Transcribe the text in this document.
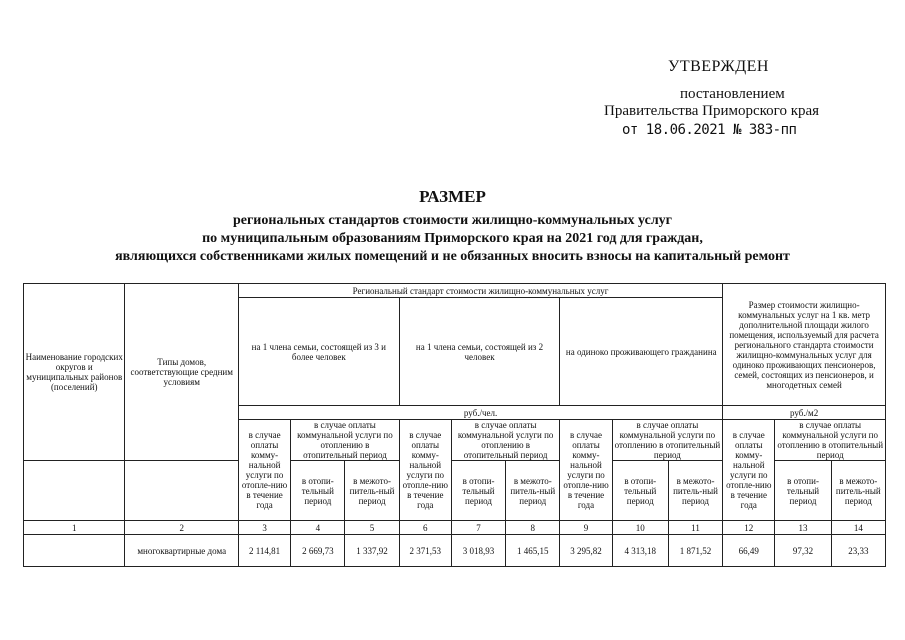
УТВЕРЖДЕН
постановлением
Правительства Приморского края
от 18.06.2021 № 383-пп
РАЗМЕР
региональных стандартов стоимости жилищно-коммунальных услуг
по муниципальным образованиям Приморского края на 2021 год для граждан,
являющихся собственниками жилых помещений и не обязанных вносить взносы на капитальный ремонт
Наименование городских округов и муниципальных районов (поселений)	Типы домов, соответствующие средним условиям	Региональный стандарт стоимости жилищно-коммунальных услуг									Размер стоимости жилищно-коммунальных услуг на 1 кв. метр дополнительной площади жилого помещения, используемый для расчета регионального стандарта стоимости жилищно-коммунальных услуг для одиноко проживающих пенсионеров, семей, состоящих из пенсионеров, и многодетных семей		
		на 1 члена семьи, состоящей из 3 и более человек			на 1 члена семьи, состоящей из 2 человек			на одиноко проживающего гражданина					
		руб./чел.									руб./м2		
		в случае оплаты комму-нальной услуги по отопле-нию в течение года	в случае оплаты коммунальной услуги по отоплению в отопительный период		в случае оплаты комму-нальной услуги по отопле-нию в течение года	в случае оплаты коммунальной услуги по отоплению в отопительный период		в случае оплаты комму-нальной услуги по отопле-нию в течение года	в случае оплаты коммунальной услуги по отоплению в отопительный период		в случае оплаты комму-нальной услуги по отопле-нию в течение года	в случае оплаты коммунальной услуги по отоплению в отопительный период	
			в отопи-тельный период	в межото-питель-ный период		в отопи-тельный период	в межото-питель-ный период		в отопи-тельный период	в межото-питель-ный период		в отопи-тельный период	в межото-питель-ный период
1	2	3	4	5	6	7	8	9	10	11	12	13	14
	многоквартирные дома	2 114,81	2 669,73	1 337,92	2 371,53	3 018,93	1 465,15	3 295,82	4 313,18	1 871,52	66,49	97,32	23,33
